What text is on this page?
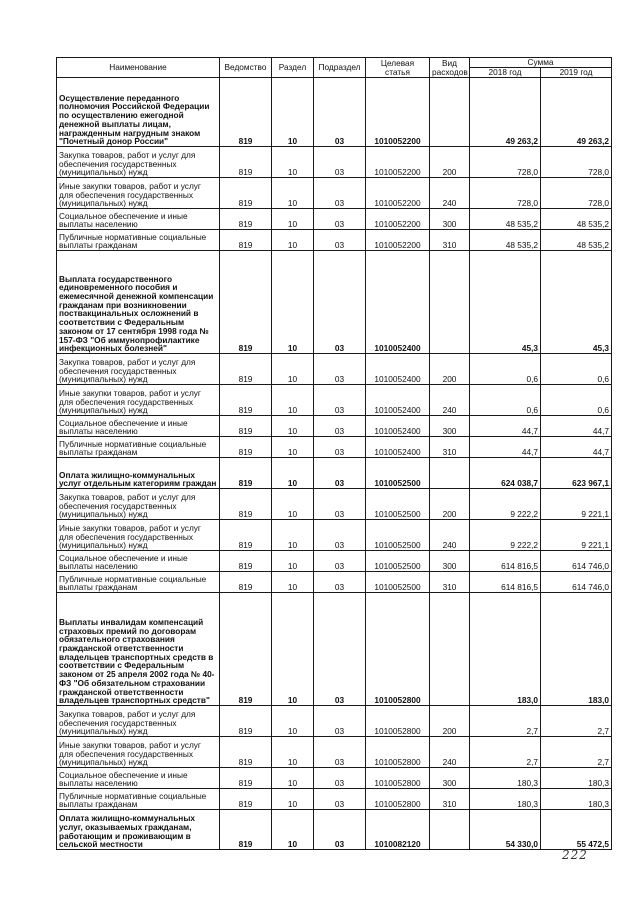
Наименование	Ведомство	Раздел	Подраздел	Целевая статья	Вид расходов	Сумма	
						2018 год	2019 год
Осуществление переданного полномочия Российской Федерации по осуществлению ежегодной денежной выплаты лицам, награжденным нагрудным знаком "Почетный донор России"	819	10	03	1010052200		49 263,2	49 263,2
Закупка товаров, работ и услуг для обеспечения государственных (муниципальных) нужд	819	10	03	1010052200	200	728,0	728,0
Иные закупки товаров, работ и услуг для обеспечения государственных (муниципальных) нужд	819	10	03	1010052200	240	728,0	728,0
Социальное обеспечение и иные выплаты населению	819	10	03	1010052200	300	48 535,2	48 535,2
Публичные нормативные социальные выплаты гражданам	819	10	03	1010052200	310	48 535,2	48 535,2
Выплата государственного единовременного пособия и ежемесячной денежной компенсации гражданам при возникновении поствакцинальных осложнений в соответствии с Федеральным законом от 17 сентября 1998 года № 157-ФЗ "Об иммунопрофилактике инфекционных болезней"	819	10	03	1010052400		45,3	45,3
Закупка товаров, работ и услуг для обеспечения государственных (муниципальных) нужд	819	10	03	1010052400	200	0,6	0,6
Иные закупки товаров, работ и услуг для обеспечения государственных (муниципальных) нужд	819	10	03	1010052400	240	0,6	0,6
Социальное обеспечение и иные выплаты населению	819	10	03	1010052400	300	44,7	44,7
Публичные нормативные социальные выплаты гражданам	819	10	03	1010052400	310	44,7	44,7
Оплата жилищно-коммунальных услуг отдельным категориям граждан	819	10	03	1010052500		624 038,7	623 967,1
Закупка товаров, работ и услуг для обеспечения государственных (муниципальных) нужд	819	10	03	1010052500	200	9 222,2	9 221,1
Иные закупки товаров, работ и услуг для обеспечения государственных (муниципальных) нужд	819	10	03	1010052500	240	9 222,2	9 221,1
Социальное обеспечение и иные выплаты населению	819	10	03	1010052500	300	614 816,5	614 746,0
Публичные нормативные социальные выплаты гражданам	819	10	03	1010052500	310	614 816,5	614 746,0
Выплаты инвалидам компенсаций страховых премий по договорам обязательного страхования гражданской ответственности владельцев транспортных средств в соответствии с Федеральным законом от 25 апреля 2002 года № 40-ФЗ "Об обязательном страховании гражданской ответственности владельцев транспортных средств"	819	10	03	1010052800		183,0	183,0
Закупка товаров, работ и услуг для обеспечения государственных (муниципальных) нужд	819	10	03	1010052800	200	2,7	2,7
Иные закупки товаров, работ и услуг для обеспечения государственных (муниципальных) нужд	819	10	03	1010052800	240	2,7	2,7
Социальное обеспечение и иные выплаты населению	819	10	03	1010052800	300	180,3	180,3
Публичные нормативные социальные выплаты гражданам	819	10	03	1010052800	310	180,3	180,3
Оплата жилищно-коммунальных услуг, оказываемых гражданам, работающим и проживающим в сельской местности	819	10	03	1010082120		54 330,0	55 472,5
222
